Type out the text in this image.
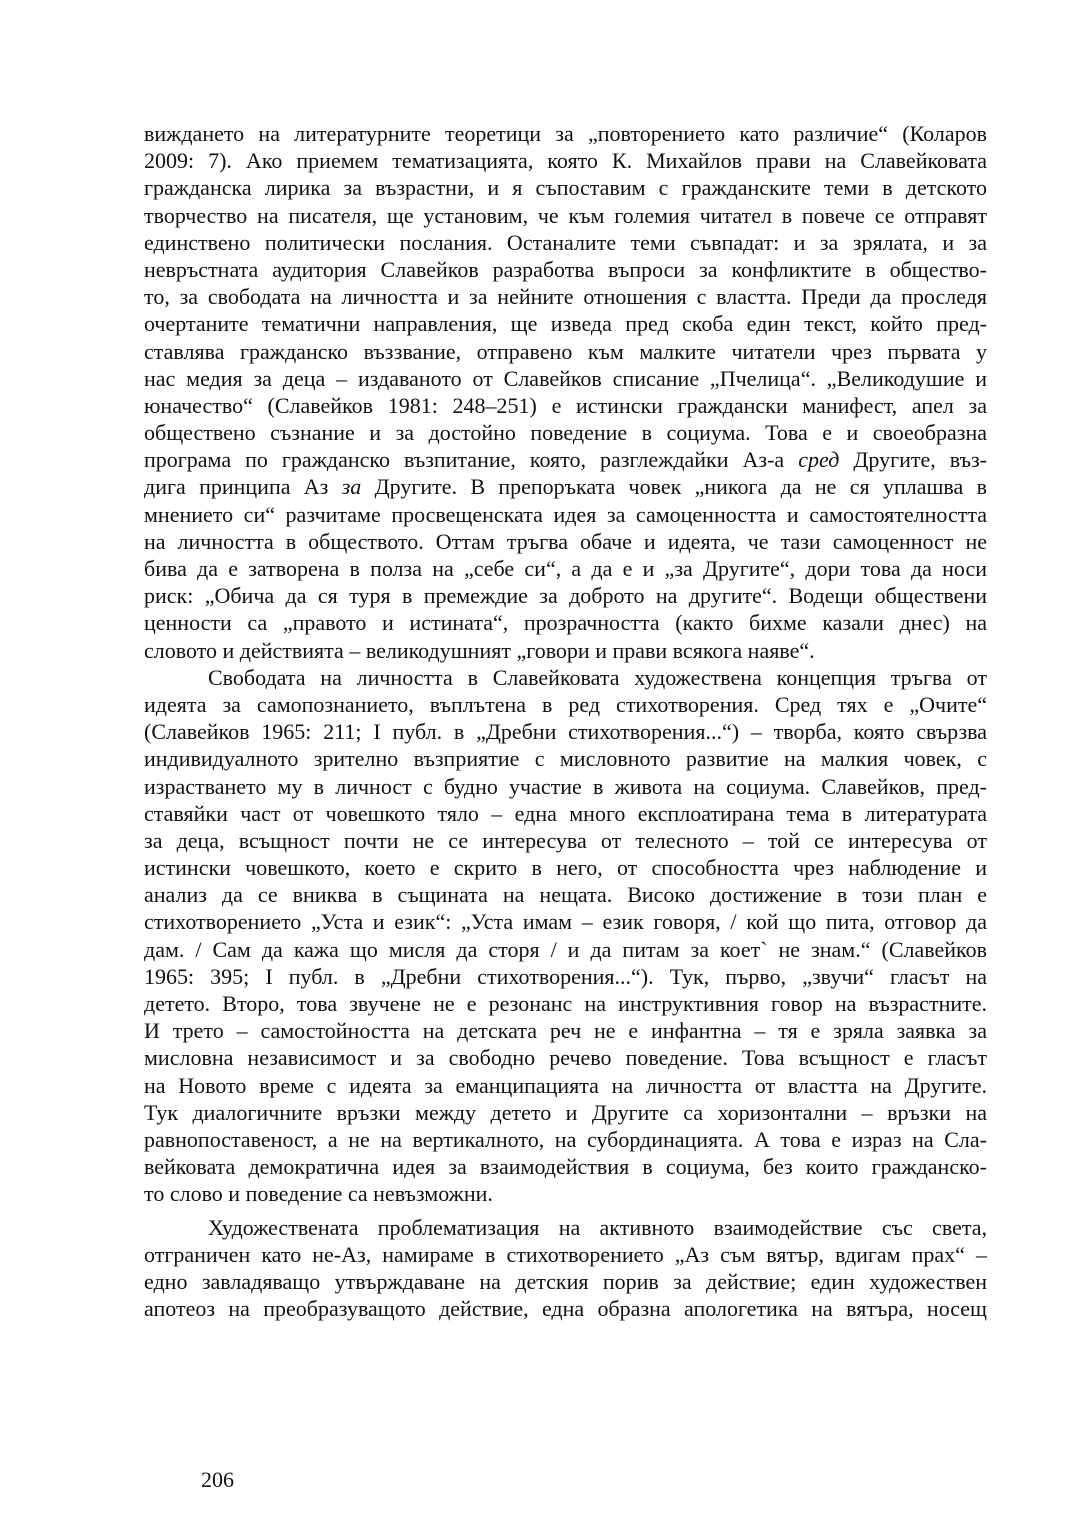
вижданeто на литературните теоретици за „повторението като различие“ (Коларов
2009: 7). Ако приемем тематизацията, която К. Михайлов прави на Славейковата
гражданска лирика за възрастни, и я съпоставим с гражданските теми в детското
творчество на писателя, ще установим, че към големия читател в повече се отправят
единствено политически послания. Останалите теми съвпадат: и за зрялата, и за
невръстната аудитория Славейков разработва въпроси за конфликтите в общество-
то, за свободата на личността и за нейните отношения с властта. Преди да проследя
очертаните тематични направления, ще изведа пред скоба един текст, който пред-
ставлява гражданско въззвание, отправено към малките читатели чрез първата у
нас медия за деца – издаваното от Славейков списание „Пчелица“. „Великодушие и
юначество“ (Славейков 1981: 248–251) е истински граждански манифест, апел за
обществено съзнание и за достойно поведение в социума. Това е и своеобразна
програма по гражданско възпитание, която, разглеждайки Аз-а сред Другите, въз-
дига принципа Аз за Другите. В препоръката човек „никога да не ся уплашва в
мнението си“ разчитаме просвещенската идея за самоценността и самостоятелността
на личността в обществото. Оттам тръгва обаче и идеята, че тази самоценност не
бива да е затворена в полза на „себе си“, а да е и „за Другите“, дори това да носи
риск: „Обича да ся туря в премеждие за доброто на другите“. Водещи обществени
ценности са „правото и истината“, прозрачността (както бихме казали днес) на
словото и действията – великодушният „говори и прави всякога наяве“.
Свободата на личността в Славейковата художествена концепция тръгва от
идеята за самопознанието, въплътена в ред стихотворения. Сред тях е „Очите“
(Славейков 1965: 211; I публ. в „Дребни стихотворения...“) – творба, която свързва
индивидуалното зрително възприятие с мисловното развитие на малкия човек, с
израстването му в личност с будно участие в живота на социума. Славейков, пред-
ставяйки част от човешкото тяло – една много експлоатирана тема в литературата
за деца, всъщност почти не се интересува от телесното – той се интересува от
истински човешкото, което е скрито в него, от способността чрез наблюдение и
анализ да се вниква в същината на нещата. Високо достижение в този план е
стихотворението „Уста и език“: „Уста имам – език говоря, / кой що пита, отговор да
дам. / Сам да кажа що мисля да сторя / и да питам за коет` не знам.“ (Славейков
1965: 395; I публ. в „Дребни стихотворения...“). Тук, първо, „звучи“ гласът на
детето. Второ, това звучене не е резонанс на инструктивния говор на възрастните.
И трето – самостойността на детската реч не е инфантна – тя е зряла заявка за
мисловна независимост и за свободно речево поведение. Това всъщност е гласът
на Новото време с идеята за еманципацията на личността от властта на Другите.
Тук диалогичните връзки между детето и Другите са хоризонтални – връзки на
равнопоставеност, а не на вертикалното, на субординацията. А това е израз на Сла-
вейковата демократична идея за взаимодействия в социума, без които гражданско-
то слово и поведение са невъзможни.
Художествената проблематизация на активното взаимодействие със света,
отграничен като не-Аз, намираме в стихотворението „Аз съм вятър, вдигам прах“ –
едно завладяващо утвърждаване на детския порив за действие; един художествен
апотеоз на преобразуващото действие, една образна апологетика на вятъра, носещ
206
